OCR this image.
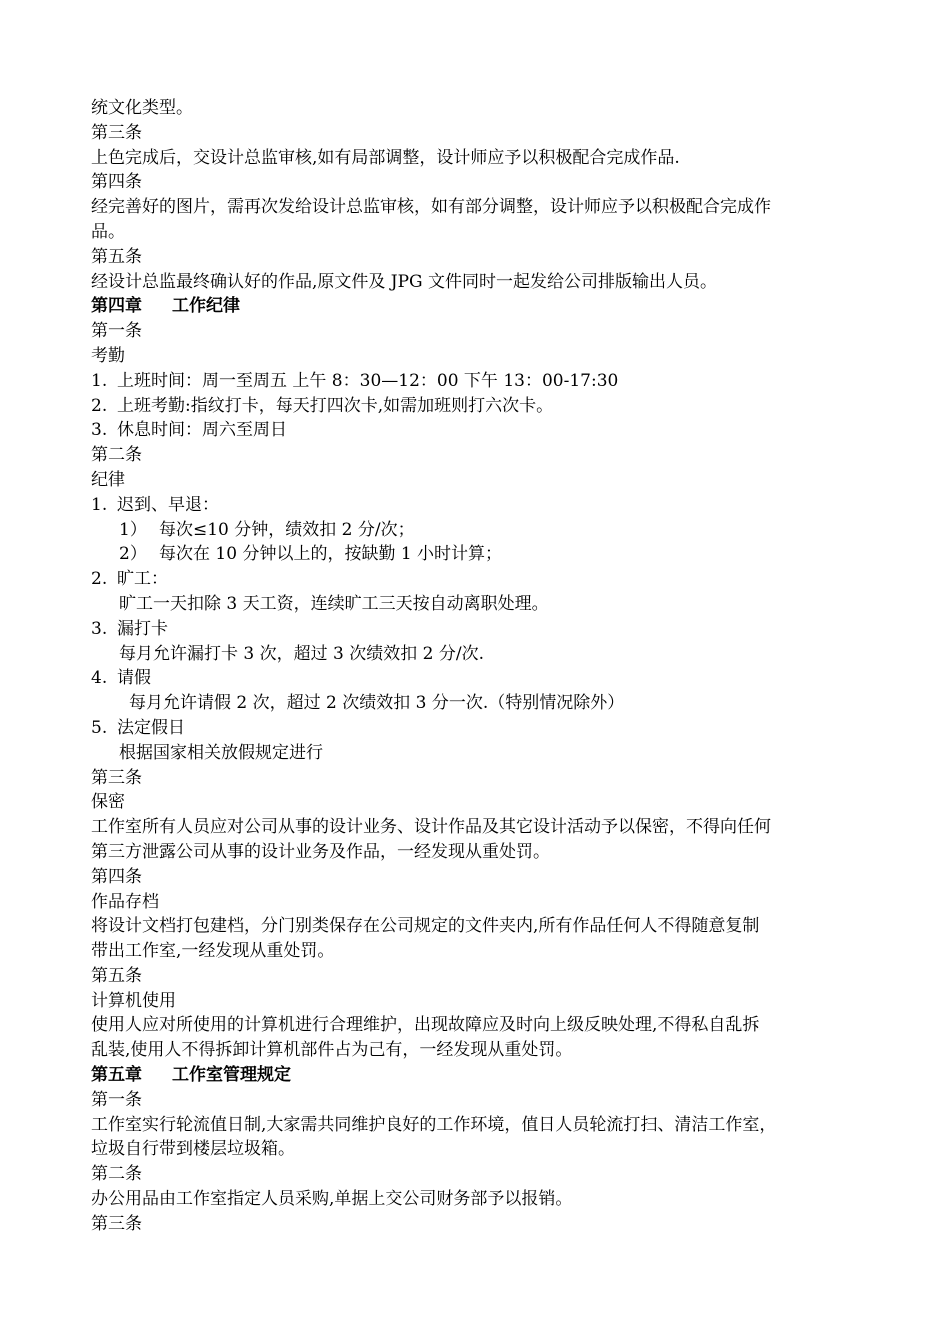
统文化类型。
第三条
上色完成后，交设计总监审核,如有局部调整，设计师应予以积极配合完成作品.
第四条
经完善好的图片，需再次发给设计总监审核，如有部分调整，设计师应予以积极配合完成作
品。
第五条
经设计总监最终确认好的作品,原文件及 JPG 文件同时一起发给公司排版输出人员。
第四章 工作纪律
第一条
考勤
1. 上班时间：周一至周五 上午 8：30—12：00 下午 13：00-17:30
2. 上班考勤:指纹打卡，每天打四次卡,如需加班则打六次卡。
3. 休息时间：周六至周日
第二条
纪律
1. 迟到、早退：
1） 每次≤10 分钟，绩效扣 2 分/次；
2） 每次在 10 分钟以上的，按缺勤 1 小时计算；
2. 旷工：
旷工一天扣除 3 天工资，连续旷工三天按自动离职处理。
3. 漏打卡
每月允许漏打卡 3 次，超过 3 次绩效扣 2 分/次.
4. 请假
每月允许请假 2 次，超过 2 次绩效扣 3 分一次.（特别情况除外）
5. 法定假日
根据国家相关放假规定进行
第三条
保密
工作室所有人员应对公司从事的设计业务、设计作品及其它设计活动予以保密，不得向任何
第三方泄露公司从事的设计业务及作品，一经发现从重处罚。
第四条
作品存档
将设计文档打包建档，分门别类保存在公司规定的文件夹内,所有作品任何人不得随意复制
带出工作室,一经发现从重处罚。
第五条
计算机使用
使用人应对所使用的计算机进行合理维护，出现故障应及时向上级反映处理,不得私自乱拆
乱装,使用人不得拆卸计算机部件占为己有，一经发现从重处罚。
第五章 工作室管理规定
第一条
工作室实行轮流值日制,大家需共同维护良好的工作环境，值日人员轮流打扫、清洁工作室，
垃圾自行带到楼层垃圾箱。
第二条
办公用品由工作室指定人员采购,单据上交公司财务部予以报销。
第三条
